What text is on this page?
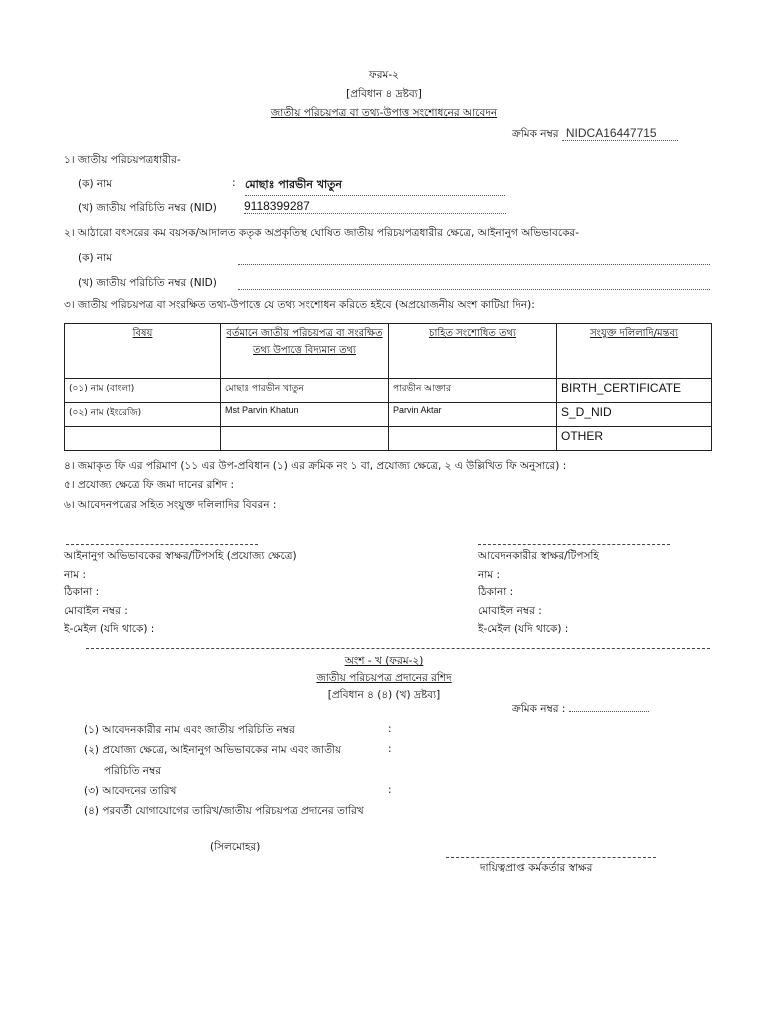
ফরম-২
[প্রবিধান ৪ দ্রষ্টব্য]
জাতীয় পরিচয়পত্র বা তথ্য-উপাত্ত সংশোধনের আবেদন
ক্রমিক নম্বর NIDCA16447715
১। জাতীয় পরিচয়পত্রধারীর-
(ক) নাম	: মোছাঃ পারভীন খাতুন
(খ) জাতীয় পরিচিতি নম্বর (NID) 9118399287
২। আঠারো বৎসরের কম বয়সক/আদালত কতৃক অপ্রকৃতিস্থ ঘোষিত জাতীয় পরিচয়পত্রধারীর ক্ষেত্রে, আইনানুগ অভিভাবকের-
(ক) নাম
(খ) জাতীয় পরিচিতি নম্বর (NID)
৩। জাতীয় পরিচয়পত্র বা সংরক্ষিত তথ্য-উপাত্তে যে তথ্য সংশোধন করিতে হইবে (অপ্রয়োজনীয় অংশ কাটিয়া দিন):
বিষয়	বর্তমানে জাতীয় পরিচয়পত্র বা সংরক্ষিত তথ্য উপাত্তে বিদ্যমান তথ্য	চাহিত সংশোধিত তথ্য	সংযুক্ত দলিলাদি/মন্তব্য
(০১) নাম (বাংলা)	মোছাঃ পারভীন খাতুন	পারভীন আক্তার	BIRTH_CERTIFICATE
(০২) নাম (ইংরেজি)	Mst Parvin Khatun	Parvin Aktar	S_D_NID
			OTHER
৪। জমাকৃত ফি এর পরিমাণ (১১ এর উপ-প্রবিধান (১) এর ক্রমিক নং ১ বা, প্রযোজ্য ক্ষেত্রে, ২ এ উল্লিখিত ফি অনুসারে) :
৫। প্রযোজ্য ক্ষেত্রে ফি জমা দানের রশিদ :
৬। আবেদনপত্রের সহিত সংযুক্ত দলিলাদির বিবরন :
আইনানুগ অভিভাবকের স্বাক্ষর/টিপসহি (প্রযোজ্য ক্ষেত্রে)
নাম :
ঠিকানা :
মোবাইল নম্বর :
ই-মেইল (যদি থাকে) :
আবেদনকারীর স্বাক্ষর/টিপসহি
নাম :
ঠিকানা :
মোবাইল নম্বর :
ই-মেইল (যদি থাকে) :
অংশ - খ (ফরম-২)
জাতীয় পরিচয়পত্র প্রদানের রশিদ
[প্রবিধান ৪ (৪) (খ) দ্রষ্টব্য]
ক্রমিক নম্বর :
(১) আবেদনকারীর নাম এবং জাতীয় পরিচিতি নম্বর	:
(২) প্রযোজ্য ক্ষেত্রে, আইনানুগ অভিভাবকের নাম এবং জাতীয়	:
পরিচিতি নম্বর
(৩) আবেদনের তারিখ	:
(৪) পরবর্তী যোগাযোগের তারিখ/জাতীয় পরিচয়পত্র প্রদানের তারিখ
(সিলমোহর)
দায়িত্বপ্রাপ্ত কর্মকর্তার স্বাক্ষর
